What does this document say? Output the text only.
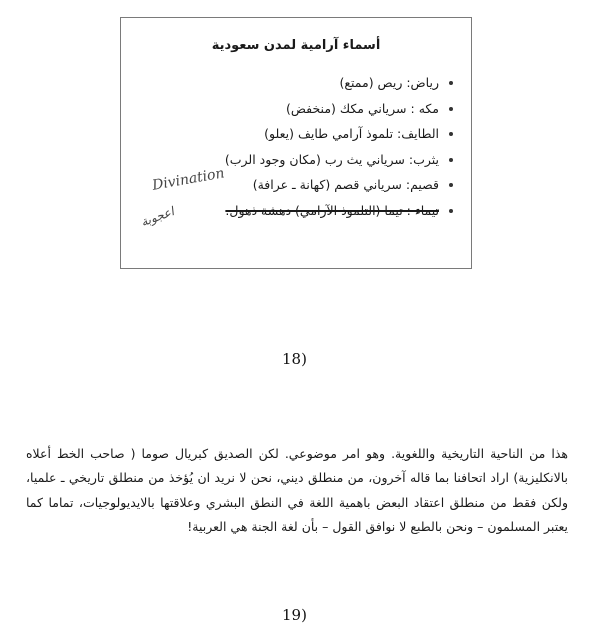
أسماء آرامية لمدن سعودية
رياض: ريص (ممتع)
مكه : سرياني مكك (منخفض)
الطايف: تلموذ آرامي طايف (يعلو)
يثرب: سرياني يث رب (مكان وجود الرب)
قصيم: سرياني قصم (كهانة ـ عرافة)
تيماء : تيما (التلموذ الآرامي) دهشة ذهول.
Divination
اعجوبة
(18
هذا من الناحية التاريخية واللغوية. وهو امر موضوعي. لكن الصديق كبريال صوما ( صاحب الخط أعلاه بالانكليزية) اراد اتحافنا بما قاله آخرون، من منطلق ديني، نحن لا نريد ان يُؤخذ من منطلق تاريخي ـ علميا، ولكن فقط من منطلق اعتقاد البعض باهمية اللغة في النطق البشري وعلاقتها بالايديولوجيات، تماما كما يعتبر المسلمون – ونحن بالطبع لا نوافق القول – بأن لغة الجنة هي العربية!
(19
